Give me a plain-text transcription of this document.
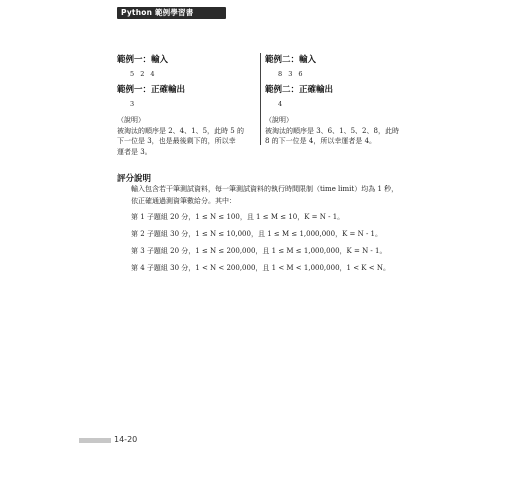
Python 範例學習書
範例一：輸入
5 2 4
範例一：正確輸出
3
（說明）
被淘汰的順序是 2、4、1、5，此時 5 的
下一位是 3，也是最後剩下的，所以幸
運者是 3。
範例二：輸入
8 3 6
範例二：正確輸出
4
（說明）
被淘汰的順序是 3、6、1、5、2、8，此時
8 的下一位是 4，所以幸運者是 4。
評分說明
輸入包含若干筆測試資料，每一筆測試資料的執行時間限制（time limit）均為 1 秒，
依正確通過測資筆數給分。其中：
第 1 子題組 20 分，1 ≤ N ≤ 100，且 1 ≤ M ≤ 10，K = N - 1。
第 2 子題組 30 分，1 ≤ N ≤ 10,000，且 1 ≤ M ≤ 1,000,000，K = N - 1。
第 3 子題組 20 分，1 ≤ N ≤ 200,000，且 1 ≤ M ≤ 1,000,000，K = N - 1。
第 4 子題組 30 分，1 < N < 200,000，且 1 < M < 1,000,000，1 < K < N。
14-20
